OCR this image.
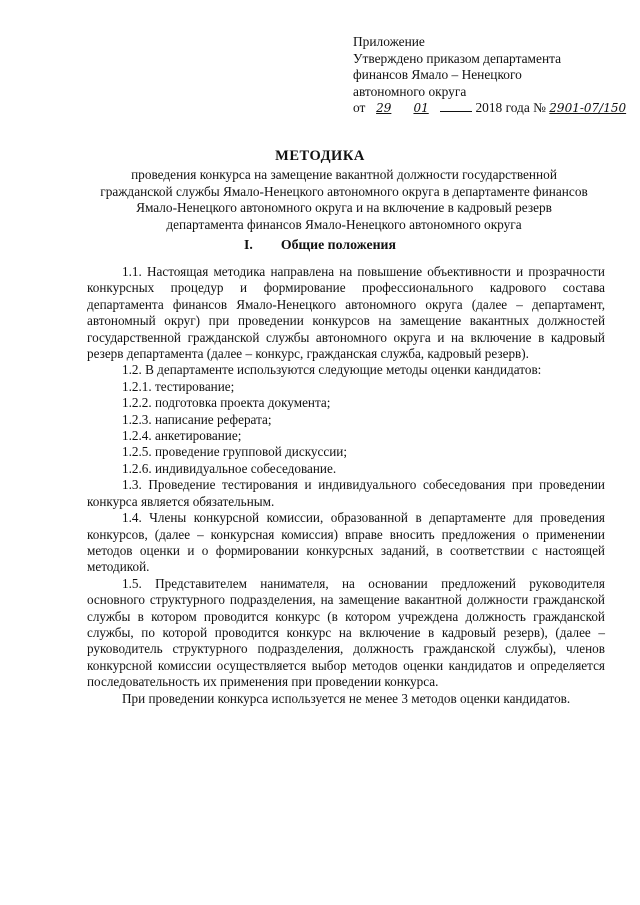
Приложение
Утверждено приказом департамента
финансов Ямало – Ненецкого
автономного округа
от 29 01	2018 года № 2901-07/150
МЕТОДИКА
проведения конкурса на замещение вакантной должности государственной гражданской службы Ямало-Ненецкого автономного округа в департаменте финансов Ямало-Ненецкого автономного округа и на включение в кадровый резерв департамента финансов Ямало-Ненецкого автономного округа
I. Общие положения

1.1. Настоящая методика направлена на повышение объективности и прозрачности конкурсных процедур и формирование профессионального кадрового состава департамента финансов Ямало-Ненецкого автономного округа (далее – департамент, автономный округ) при проведении конкурсов на замещение вакантных должностей государственной гражданской службы автономного округа и на включение в кадровый резерв департамента (далее – конкурс, гражданская служба, кадровый резерв).

1.2. В департаменте используются следующие методы оценки кандидатов:

1.2.1. тестирование;

1.2.2. подготовка проекта документа;

1.2.3. написание реферата;

1.2.4. анкетирование;

1.2.5. проведение групповой дискуссии;

1.2.6. индивидуальное собеседование.

1.3. Проведение тестирования и индивидуального собеседования при проведении конкурса является обязательным.

1.4. Члены конкурсной комиссии, образованной в департаменте для проведения конкурсов, (далее – конкурсная комиссия) вправе вносить предложения о применении методов оценки и о формировании конкурсных заданий, в соответствии с настоящей методикой.

1.5. Представителем нанимателя, на основании предложений руководителя основного структурного подразделения, на замещение вакантной должности гражданской службы в котором проводится конкурс (в котором учреждена должность гражданской службы, по которой проводится конкурс на включение в кадровый резерв), (далее – руководитель структурного подразделения, должность гражданской службы), членов конкурсной комиссии осуществляется выбор методов оценки кандидатов и определяется последовательность их применения при проведении конкурса.

При проведении конкурса используется не менее 3 методов оценки кандидатов.
